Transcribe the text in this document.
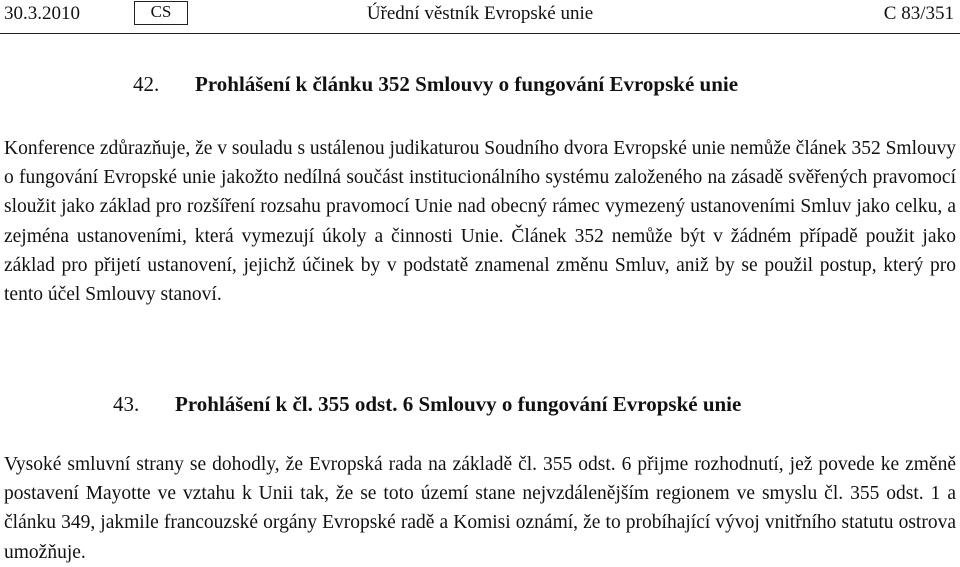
30.3.2010	CS	Úřední věstník Evropské unie	C 83/351
42. Prohlášení k článku 352 Smlouvy o fungování Evropské unie

Konference zdůrazňuje, že v souladu s ustálenou judikaturou Soudního dvora Evropské unie nemůže článek 352 Smlouvy o fungování Evropské unie jakožto nedílná součást institucionálního systému založeného na zásadě svěřených pravomocí sloužit jako základ pro rozšíření rozsahu pravomocí Unie nad obecný rámec vymezený ustanoveními Smluv jako celku, a zejména ustanoveními, která vymezují úkoly a činnosti Unie. Článek 352 nemůže být v žádném případě použit jako základ pro přijetí ustanovení, jejichž účinek by v podstatě znamenal změnu Smluv, aniž by se použil postup, který pro tento účel Smlouvy stanoví.

43. Prohlášení k čl. 355 odst. 6 Smlouvy o fungování Evropské unie

Vysoké smluvní strany se dohodly, že Evropská rada na základě čl. 355 odst. 6 přijme rozhodnutí, jež povede ke změně postavení Mayotte ve vztahu k Unii tak, že se toto území stane nejvzdálenějším regionem ve smyslu čl. 355 odst. 1 a článku 349, jakmile francouzské orgány Evropské radě a Komisi oznámí, že to probíhající vývoj vnitřního statutu ostrova umožňuje.
